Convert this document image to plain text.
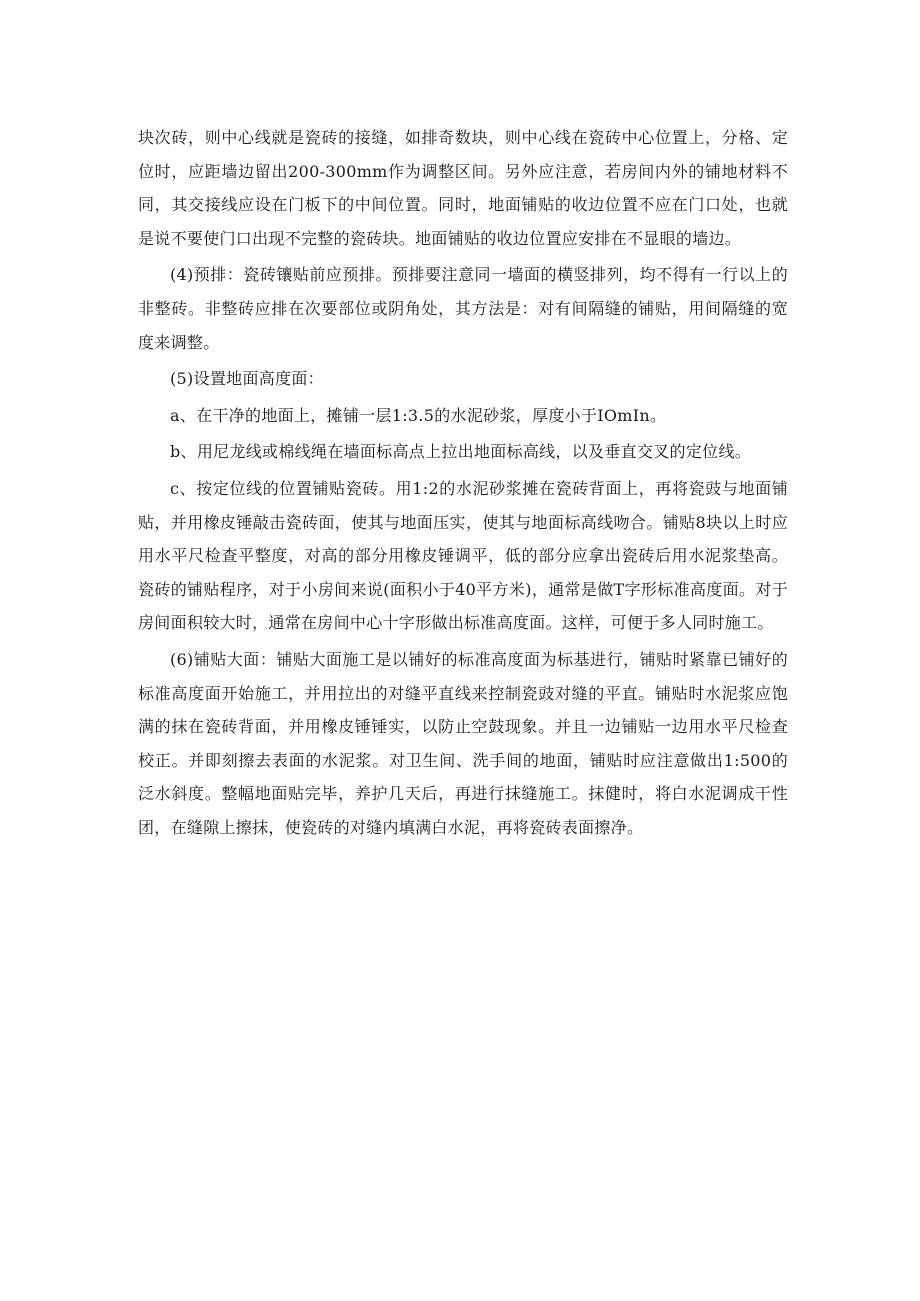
块次砖，则中心线就是瓷砖的接缝，如排奇数块，则中心线在瓷砖中心位置上，分格、定位时，应距墙边留出200-300mm作为调整区间。另外应注意，若房间内外的铺地材料不同，其交接线应设在门板下的中间位置。同时，地面铺贴的收边位置不应在门口处，也就是说不要使门口出现不完整的瓷砖块。地面铺贴的收边位置应安排在不显眼的墙边。

(4)预排：瓷砖镶贴前应预排。预排要注意同一墙面的横竖排列，均不得有一行以上的非整砖。非整砖应排在次要部位或阴角处，其方法是：对有间隔缝的铺贴，用间隔缝的宽度来调整。

(5)设置地面高度面：

a、在干净的地面上，摊铺一层1:3.5的水泥砂浆，厚度小于IOmIn。

b、用尼龙线或棉线绳在墙面标高点上拉出地面标高线，以及垂直交叉的定位线。

c、按定位线的位置铺贴瓷砖。用1:2的水泥砂浆摊在瓷砖背面上，再将瓷豉与地面铺贴，并用橡皮锤敲击瓷砖面，使其与地面压实，使其与地面标高线吻合。铺贴8块以上时应用水平尺检查平整度，对高的部分用橡皮锤调平，低的部分应拿出瓷砖后用水泥浆垫高。瓷砖的铺贴程序，对于小房间来说(面积小于40平方米)，通常是做T字形标准高度面。对于房间面积较大时，通常在房间中心十字形做出标准高度面。这样，可便于多人同时施工。

(6)铺贴大面：铺贴大面施工是以铺好的标准高度面为标基进行，铺贴时紧靠已铺好的标准高度面开始施工，并用拉出的对缝平直线来控制瓷豉对缝的平直。铺贴时水泥浆应饱满的抹在瓷砖背面，并用橡皮锤锤实，以防止空鼓现象。并且一边铺贴一边用水平尺检查校正。并即刻擦去表面的水泥浆。对卫生间、洗手间的地面，铺贴时应注意做出1:500的泛水斜度。整幅地面贴完毕，养护几天后，再进行抹缝施工。抹健时，将白水泥调成干性团，在缝隙上擦抹，使瓷砖的对缝内填满白水泥，再将瓷砖表面擦净。
